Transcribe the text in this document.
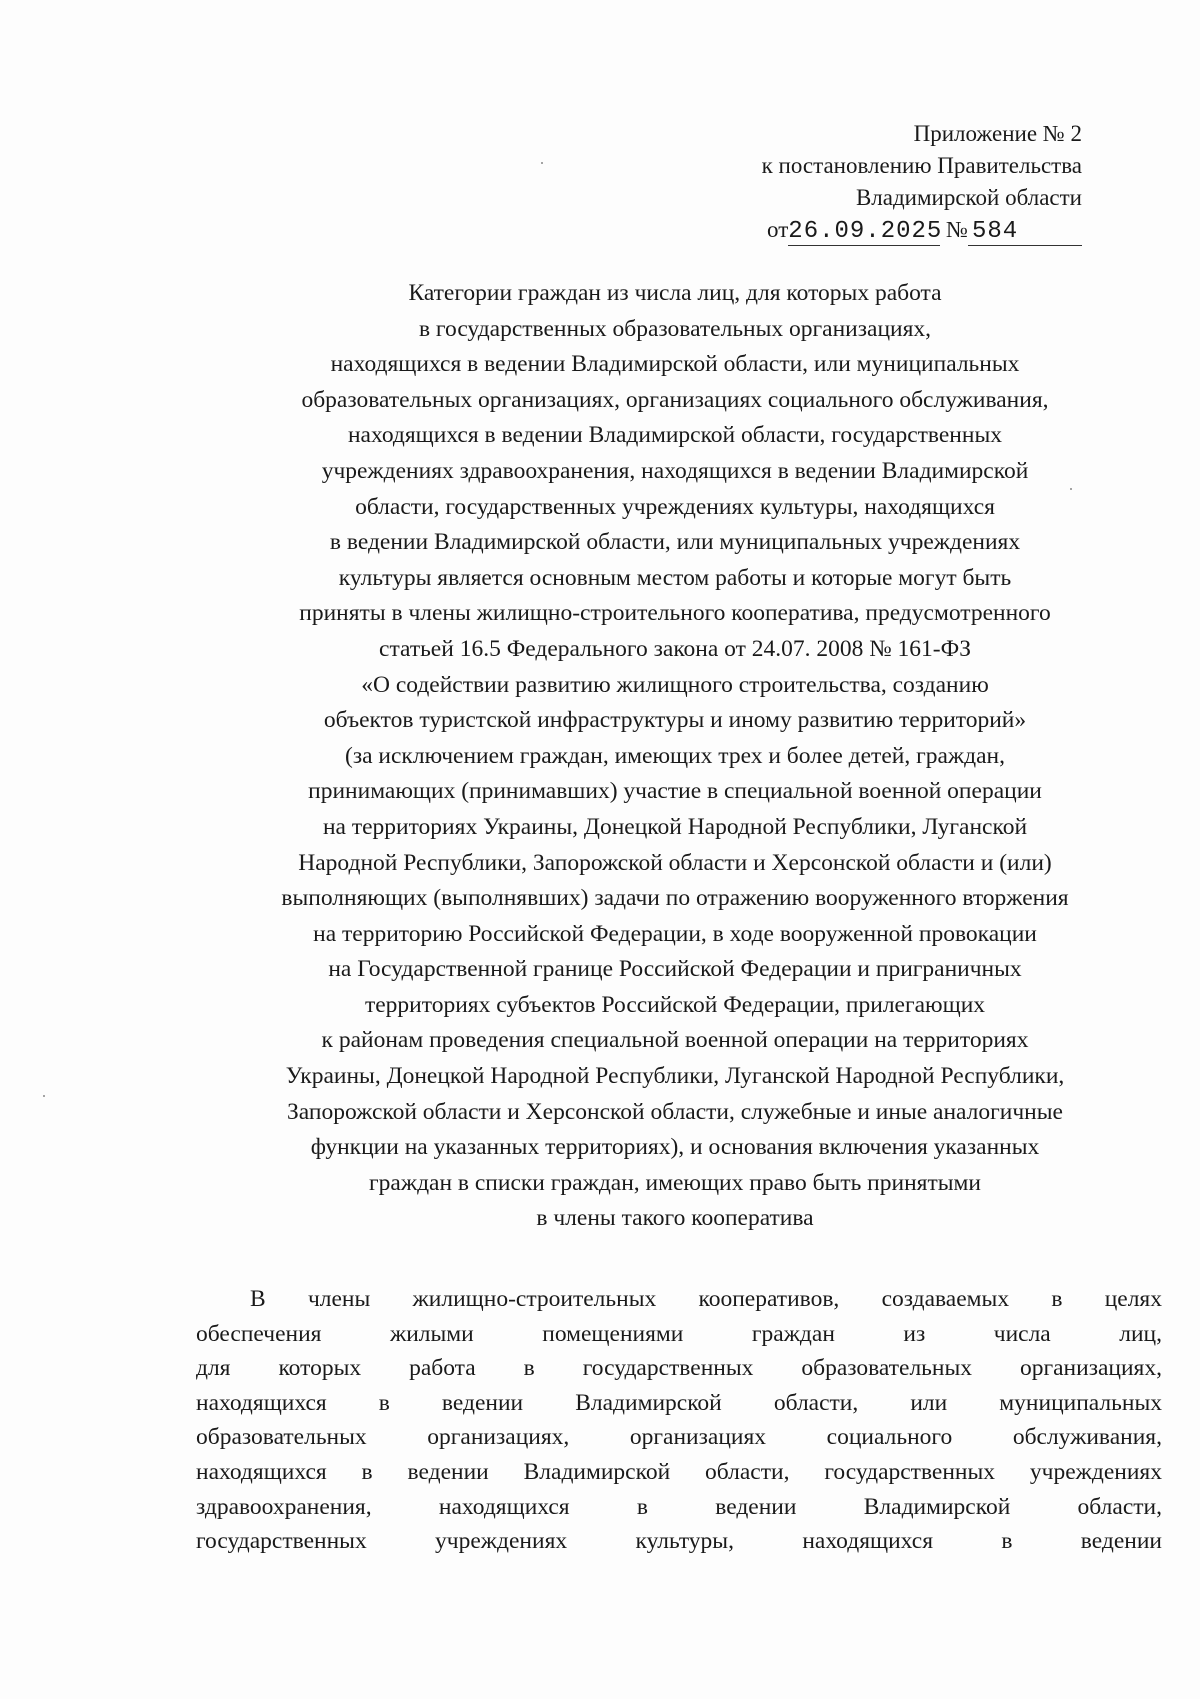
Приложение № 2
к постановлению Правительства
Владимирской области
от26.09.2025 № 584
Категории граждан из числа лиц, для которых работа
в государственных образовательных организациях,
находящихся в ведении Владимирской области, или муниципальных
образовательных организациях, организациях социального обслуживания,
находящихся в ведении Владимирской области, государственных
учреждениях здравоохранения, находящихся в ведении Владимирской
области, государственных учреждениях культуры, находящихся
в ведении Владимирской области, или муниципальных учреждениях
культуры является основным местом работы и которые могут быть
приняты в члены жилищно-строительного кооператива, предусмотренного
статьей 16.5 Федерального закона от 24.07. 2008 № 161-ФЗ
«О содействии развитию жилищного строительства, созданию
объектов туристской инфраструктуры и иному развитию территорий»
(за исключением граждан, имеющих трех и более детей, граждан,
принимающих (принимавших) участие в специальной военной операции
на территориях Украины, Донецкой Народной Республики, Луганской
Народной Республики, Запорожской области и Херсонской области и (или)
выполняющих (выполнявших) задачи по отражению вооруженного вторжения
на территорию Российской Федерации, в ходе вооруженной провокации
на Государственной границе Российской Федерации и приграничных
территориях субъектов Российской Федерации, прилегающих
к районам проведения специальной военной операции на территориях
Украины, Донецкой Народной Республики, Луганской Народной Республики,
Запорожской области и Херсонской области, служебные и иные аналогичные
функции на указанных территориях), и основания включения указанных
граждан в списки граждан, имеющих право быть принятыми
в члены такого кооператива
В члены жилищно-строительных кооперативов, создаваемых в целях
обеспечения жилыми помещениями граждан из числа лиц,
для которых работа в государственных образовательных организациях,
находящихся в ведении Владимирской области, или муниципальных
образовательных организациях, организациях социального обслуживания,
находящихся в ведении Владимирской области, государственных учреждениях
здравоохранения, находящихся в ведении Владимирской области,
государственных учреждениях культуры, находящихся в ведении
